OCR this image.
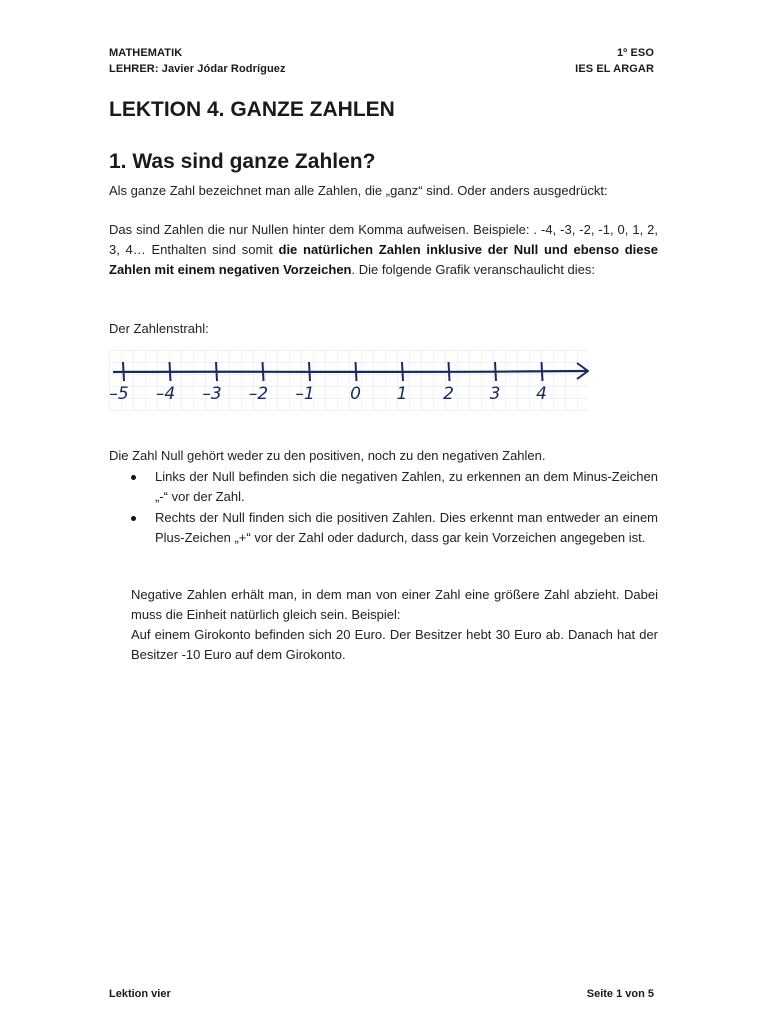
MATHEMATIK
LEHRER: Javier Jódar Rodríguez
1º ESO
IES EL ARGAR
LEKTION 4. GANZE ZAHLEN
1. Was sind ganze Zahlen?

Als ganze Zahl bezeichnet man alle Zahlen, die „ganz“ sind. Oder anders ausgedrückt:

Das sind Zahlen die nur Nullen hinter dem Komma aufweisen. Beispiele: . -4, -3, -2, -1, 0, 1, 2, 3, 4… Enthalten sind somit die natürlichen Zahlen inklusive der Null und ebenso diese Zahlen mit einem negativen Vorzeichen. Die folgende Grafik veranschaulicht dies:

Der Zahlenstrahl:

–5 –4 –3 –2 –1 0 1 2 3 4

Die Zahl Null gehört weder zu den positiven, noch zu den negativen Zahlen.

Links der Null befinden sich die negativen Zahlen, zu erkennen an dem Minus-Zeichen „-“ vor der Zahl.
Rechts der Null finden sich die positiven Zahlen. Dies erkennt man entweder an einem Plus-Zeichen „+“ vor der Zahl oder dadurch, dass gar kein Vorzeichen angegeben ist.
Negative Zahlen erhält man, in dem man von einer Zahl eine größere Zahl abzieht. Dabei muss die Einheit natürlich gleich sein. Beispiel:
Auf einem Girokonto befinden sich 20 Euro. Der Besitzer hebt 30 Euro ab. Danach hat der Besitzer -10 Euro auf dem Girokonto.
Lektion vier	Seite 1 von 5
